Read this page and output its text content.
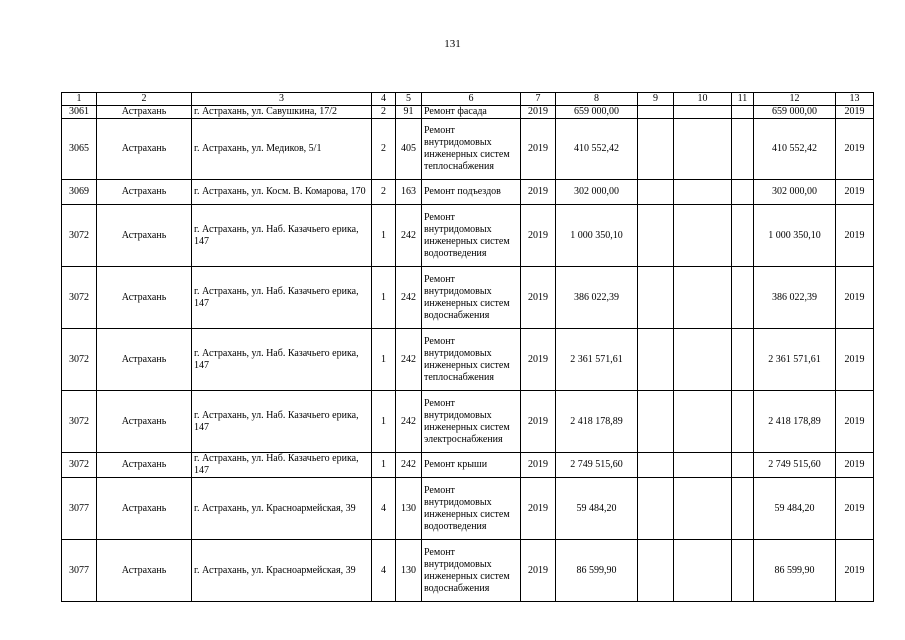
131
1	2	3	4	5	6	7	8	9	10	11	12	13
3061	Астрахань	г. Астрахань, ул. Савушкина, 17/2	2	91	Ремонт фасада	2019	659 000,00				659 000,00	2019
3065	Астрахань	г. Астрахань, ул. Медиков, 5/1	2	405	Ремонт внутридомовых инженерных систем теплоснабжения	2019	410 552,42				410 552,42	2019
3069	Астрахань	г. Астрахань, ул. Косм. В. Комарова, 170	2	163	Ремонт подъездов	2019	302 000,00				302 000,00	2019
3072	Астрахань	г. Астрахань, ул. Наб. Казачьего ерика, 147	1	242	Ремонт внутридомовых инженерных систем водоотведения	2019	1 000 350,10				1 000 350,10	2019
3072	Астрахань	г. Астрахань, ул. Наб. Казачьего ерика, 147	1	242	Ремонт внутридомовых инженерных систем водоснабжения	2019	386 022,39				386 022,39	2019
3072	Астрахань	г. Астрахань, ул. Наб. Казачьего ерика, 147	1	242	Ремонт внутридомовых инженерных систем теплоснабжения	2019	2 361 571,61				2 361 571,61	2019
3072	Астрахань	г. Астрахань, ул. Наб. Казачьего ерика, 147	1	242	Ремонт внутридомовых инженерных систем электроснабжения	2019	2 418 178,89				2 418 178,89	2019
3072	Астрахань	г. Астрахань, ул. Наб. Казачьего ерика, 147	1	242	Ремонт крыши	2019	2 749 515,60				2 749 515,60	2019
3077	Астрахань	г. Астрахань, ул. Красноармейская, 39	4	130	Ремонт внутридомовых инженерных систем водоотведения	2019	59 484,20				59 484,20	2019
3077	Астрахань	г. Астрахань, ул. Красноармейская, 39	4	130	Ремонт внутридомовых инженерных систем водоснабжения	2019	86 599,90				86 599,90	2019
